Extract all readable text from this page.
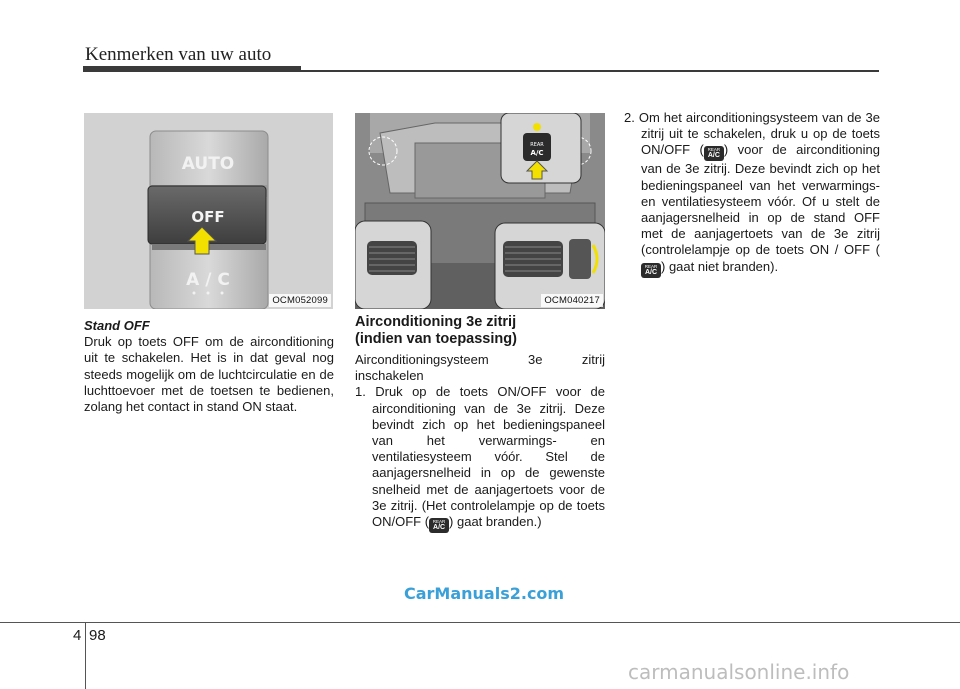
Kenmerken van uw auto
AUTO
OFF
A / C
OCM052099
REAR
A/C
OCM040217

Stand OFF

Druk op toets OFF om de airconditioning uit te schakelen. Het is in dat geval nog steeds mogelijk om de luchtcirculatie en de luchttoevoer met de toetsen te bedienen, zolang het contact in stand ON staat.

Airconditioning 3e zitrij
(indien van toepassing)

Airconditioningsysteem 3e zitrij inschakelen

1. Druk op de toets ON/OFF voor de airconditioning van de 3e zitrij. Deze bevindt zich op het bedieningspaneel van het verwarmings- en ventilatiesysteem vóór. Stel de aanjagersnelheid in op de gewenste snelheid met de aanjagertoets voor de 3e zitrij. (Het controlelampje op de toets ON/OFF ( REAR
A/C ) gaat branden.)

2. Om het airconditioningsysteem van de 3e zitrij uit te schakelen, druk u op de toets ON/OFF ( REAR
A/C ) voor de airconditioning van de 3e zitrij. Deze bevindt zich op het bedieningspaneel van het verwarmings- en ventilatiesysteem vóór. Of u stelt de aanjagersnelheid in op de stand OFF met de aanjagertoets van de 3e zitrij (controlelampje op de toets ON / OFF (
REAR
A/C ) gaat niet branden).

CarManuals2.com
4 98
carmanualsonline.info
